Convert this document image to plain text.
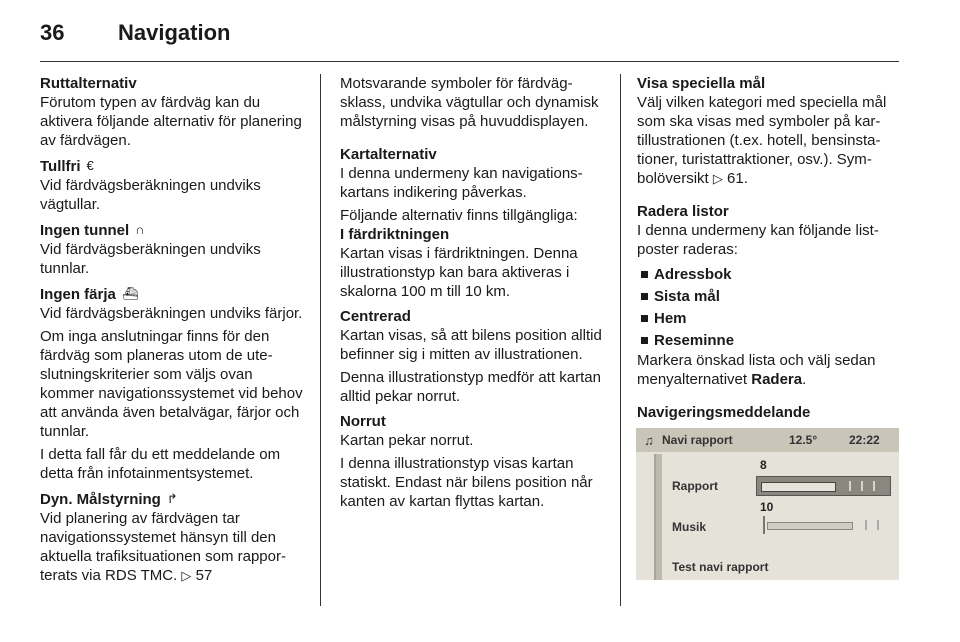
36	Navigation
Ruttalternativ

Förutom typen av färdväg kan du aktivera följande alternativ för planering av färdvägen.

Tullfri €

Vid färdvägsberäkningen undviks vägtullar.

Ingen tunnel ∩

Vid färdvägsberäkningen undviks tunnlar.

Ingen färja ⛴

Vid färdvägsberäkningen undviks färjor.

Om inga anslutningar finns för den färdväg som planeras utom de uteslutningskriterier som väljs ovan kommer navigationssystemet vid behov att använda även betalvägar, färjor och tunnlar.

I detta fall får du ett meddelande om detta från infotainmentsystemet.

Dyn. Målstyrning ↱

Vid planering av färdvägen tar navigationssystemet hänsyn till den aktuella trafiksituationen som rapporterats via RDS TMC. ▷ 57

Motsvarande symboler för färdvägsklass, undvika vägtullar och dynamisk målstyrning visas på huvuddisplayen.

Kartalternativ

I denna undermeny kan navigationskartans indikering påverkas.

Följande alternativ finns tillgängliga:

I färdriktningen

Kartan visas i färdriktningen. Denna illustrationstyp kan bara aktiveras i skalorna 100 m till 10 km.

Centrerad

Kartan visas, så att bilens position alltid befinner sig i mitten av illustrationen.

Denna illustrationstyp medför att kartan alltid pekar norrut.

Norrut

Kartan pekar norrut.

I denna illustrationstyp visas kartan statiskt. Endast när bilens position når kanten av kartan flyttas kartan.

Visa speciella mål

Välj vilken kategori med speciella mål som ska visas med symboler på kartillustrationen (t.ex. hotell, bensinstationer, turistattraktioner, osv.). Symbolöversikt ▷ 61.

Radera listor

I denna undermeny kan följande listposter raderas:

Adressbok
Sista mål
Hem
Reseminne

Markera önskad lista och välj sedan menyalternativet Radera.

Navigeringsmeddelande
♫ Navi rapport	12.5°	22:22
8
Rapport
10
Musik
Test navi rapport
